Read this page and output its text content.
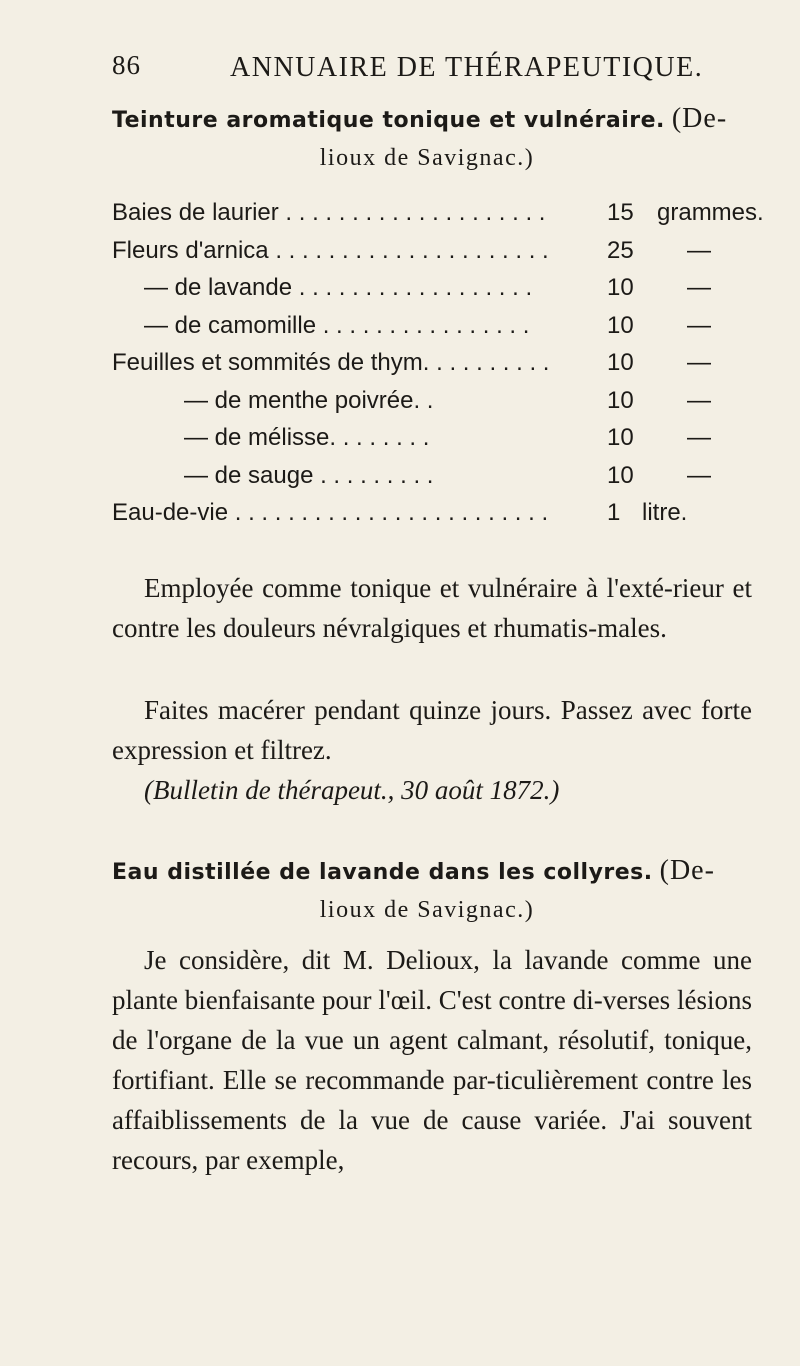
86	ANNUAIRE DE THÉRAPEUTIQUE.
Teinture aromatique tonique et vulnéraire. (De-
lioux de Savignac.)
Baies de laurier . . . . . . . . . . . . . . . . . . . .	15 grammes.
Fleurs d'arnica . . . . . . . . . . . . . . . . . . . . . 25 —
— de lavande . . . . . . . . . . . . . . . . . .	10 —
— de camomille . . . . . . . . . . . . . . . .	10 —
Feuilles et sommités de thym. . . . . . . . . . 10 —
— de menthe poivrée. .	10 —
— de mélisse. . . . . . . .	10 —
— de sauge . . . . . . . . .	10 —
Eau-de-vie . . . . . . . . . . . . . . . . . . . . . . . . 1 litre.
Employée comme tonique et vulnéraire à l'exté-rieur et contre les douleurs névralgiques et rhumatis-males.
Faites macérer pendant quinze jours. Passez avec forte expression et filtrez.
(Bulletin de thérapeut., 30 août 1872.)
Eau distillée de lavande dans les collyres. (De-
lioux de Savignac.)
Je considère, dit M. Delioux, la lavande comme une plante bienfaisante pour l'œil. C'est contre di-verses lésions de l'organe de la vue un agent calmant, résolutif, tonique, fortifiant. Elle se recommande par-ticulièrement contre les affaiblissements de la vue de cause variée. J'ai souvent recours, par exemple,
